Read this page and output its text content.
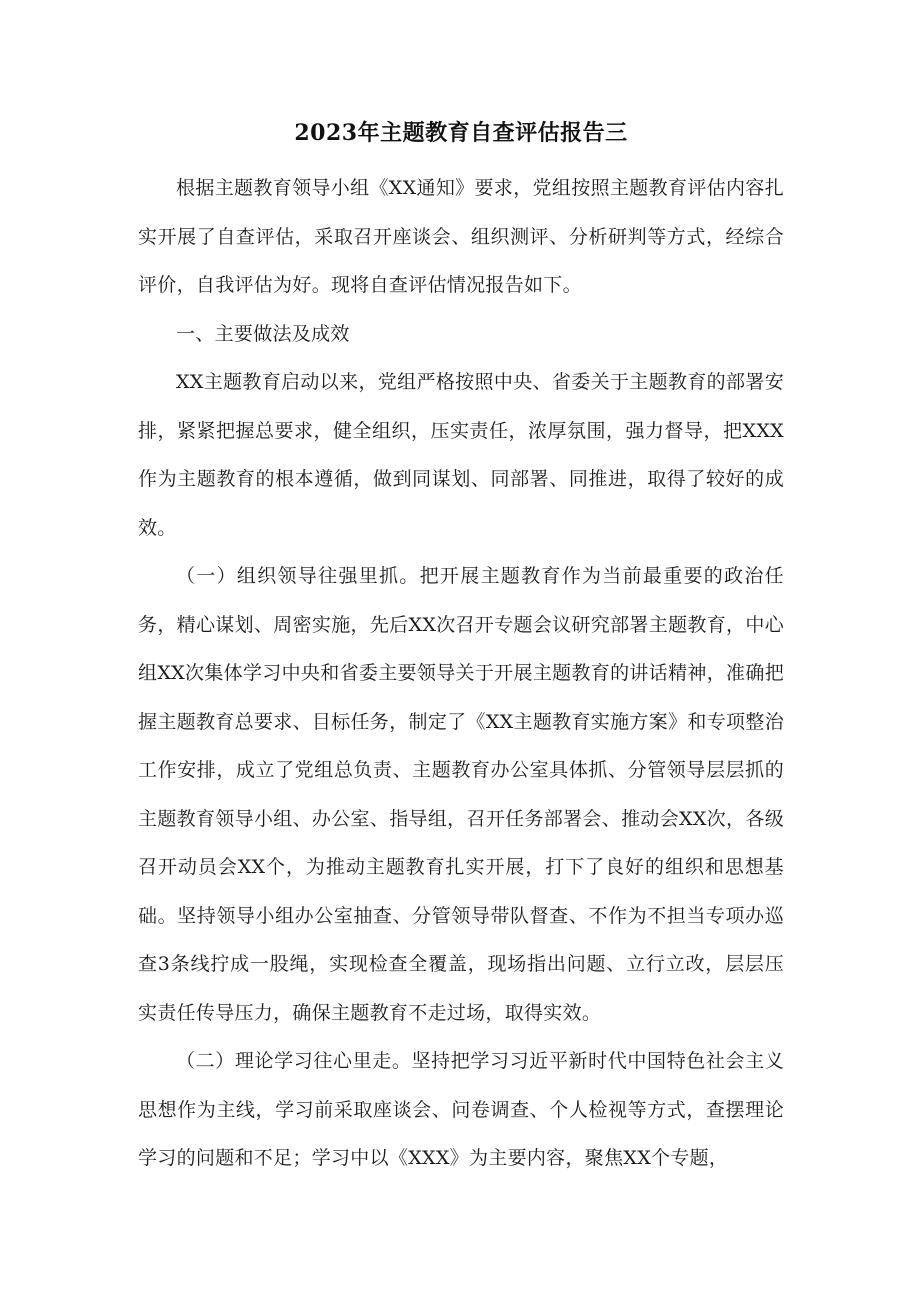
2023年主题教育自查评估报告三

根据主题教育领导小组《XX通知》要求，党组按照主题教育评估内容扎实开展了自查评估，采取召开座谈会、组织测评、分析研判等方式，经综合评价，自我评估为好。现将自查评估情况报告如下。

一、主要做法及成效

XX主题教育启动以来，党组严格按照中央、省委关于主题教育的部署安排，紧紧把握总要求，健全组织，压实责任，浓厚氛围，强力督导，把XXX作为主题教育的根本遵循，做到同谋划、同部署、同推进，取得了较好的成效。

（一）组织领导往强里抓。把开展主题教育作为当前最重要的政治任务，精心谋划、周密实施，先后XX次召开专题会议研究部署主题教育，中心组XX次集体学习中央和省委主要领导关于开展主题教育的讲话精神，准确把握主题教育总要求、目标任务，制定了《XX主题教育实施方案》和专项整治工作安排，成立了党组总负责、主题教育办公室具体抓、分管领导层层抓的主题教育领导小组、办公室、指导组，召开任务部署会、推动会XX次，各级召开动员会XX个，为推动主题教育扎实开展，打下了良好的组织和思想基础。坚持领导小组办公室抽查、分管领导带队督查、不作为不担当专项办巡查3条线拧成一股绳，实现检查全覆盖，现场指出问题、立行立改，层层压实责任传导压力，确保主题教育不走过场，取得实效。

（二）理论学习往心里走。坚持把学习习近平新时代中国特色社会主义思想作为主线，学习前采取座谈会、问卷调查、个人检视等方式，查摆理论学习的问题和不足；学习中以《XXX》为主要内容，聚焦XX个专题，
